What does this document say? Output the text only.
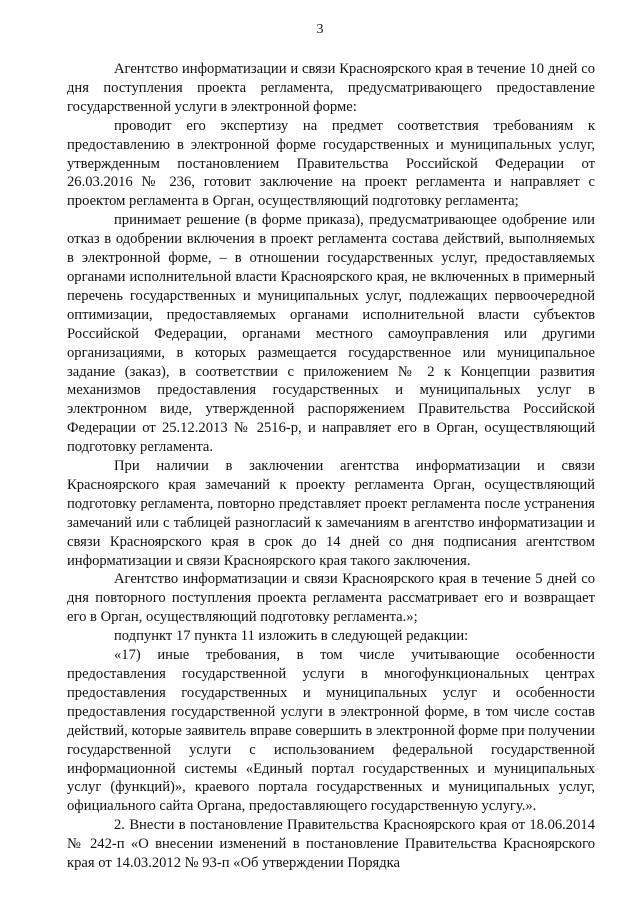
3

Агентство информатизации и связи Красноярского края в течение 10 дней со дня поступления проекта регламента, предусматривающего предоставление государственной услуги в электронной форме:

проводит его экспертизу на предмет соответствия требованиям к предоставлению в электронной форме государственных и муниципальных услуг, утвержденным постановлением Правительства Российской Федерации от 26.03.2016 № 236, готовит заключение на проект регламента и направляет с проектом регламента в Орган, осуществляющий подготовку регламента;

принимает решение (в форме приказа), предусматривающее одобрение или отказ в одобрении включения в проект регламента состава действий, выполняемых в электронной форме, – в отношении государственных услуг, предоставляемых органами исполнительной власти Красноярского края, не включенных в примерный перечень государственных и муниципальных услуг, подлежащих первоочередной оптимизации, предоставляемых органами исполнительной власти субъектов Российской Федерации, органами местного самоуправления или другими организациями, в которых размещается государственное или муниципальное задание (заказ), в соответствии с приложением № 2 к Концепции развития механизмов предоставления государственных и муниципальных услуг в электронном виде, утвержденной распоряжением Правительства Российской Федерации от 25.12.2013 № 2516-р, и направляет его в Орган, осуществляющий подготовку регламента.

При наличии в заключении агентства информатизации и связи Красноярского края замечаний к проекту регламента Орган, осуществляющий подготовку регламента, повторно представляет проект регламента после устранения замечаний или с таблицей разногласий к замечаниям в агентство информатизации и связи Красноярского края в срок до 14 дней со дня подписания агентством информатизации и связи Красноярского края такого заключения.

Агентство информатизации и связи Красноярского края в течение 5 дней со дня повторного поступления проекта регламента рассматривает его и возвращает его в Орган, осуществляющий подготовку регламента.»;

подпункт 17 пункта 11 изложить в следующей редакции:

«17) иные требования, в том числе учитывающие особенности предоставления государственной услуги в многофункциональных центрах предоставления государственных и муниципальных услуг и особенности предоставления государственной услуги в электронной форме, в том числе состав действий, которые заявитель вправе совершить в электронной форме при получении государственной услуги с использованием федеральной государственной информационной системы «Единый портал государственных и муниципальных услуг (функций)», краевого портала государственных и муниципальных услуг, официального сайта Органа, предоставляющего государственную услугу.».

2. Внести в постановление Правительства Красноярского края от 18.06.2014 № 242-п «О внесении изменений в постановление Правительства Красноярского края от 14.03.2012 № 93-п «Об утверждении Порядка
